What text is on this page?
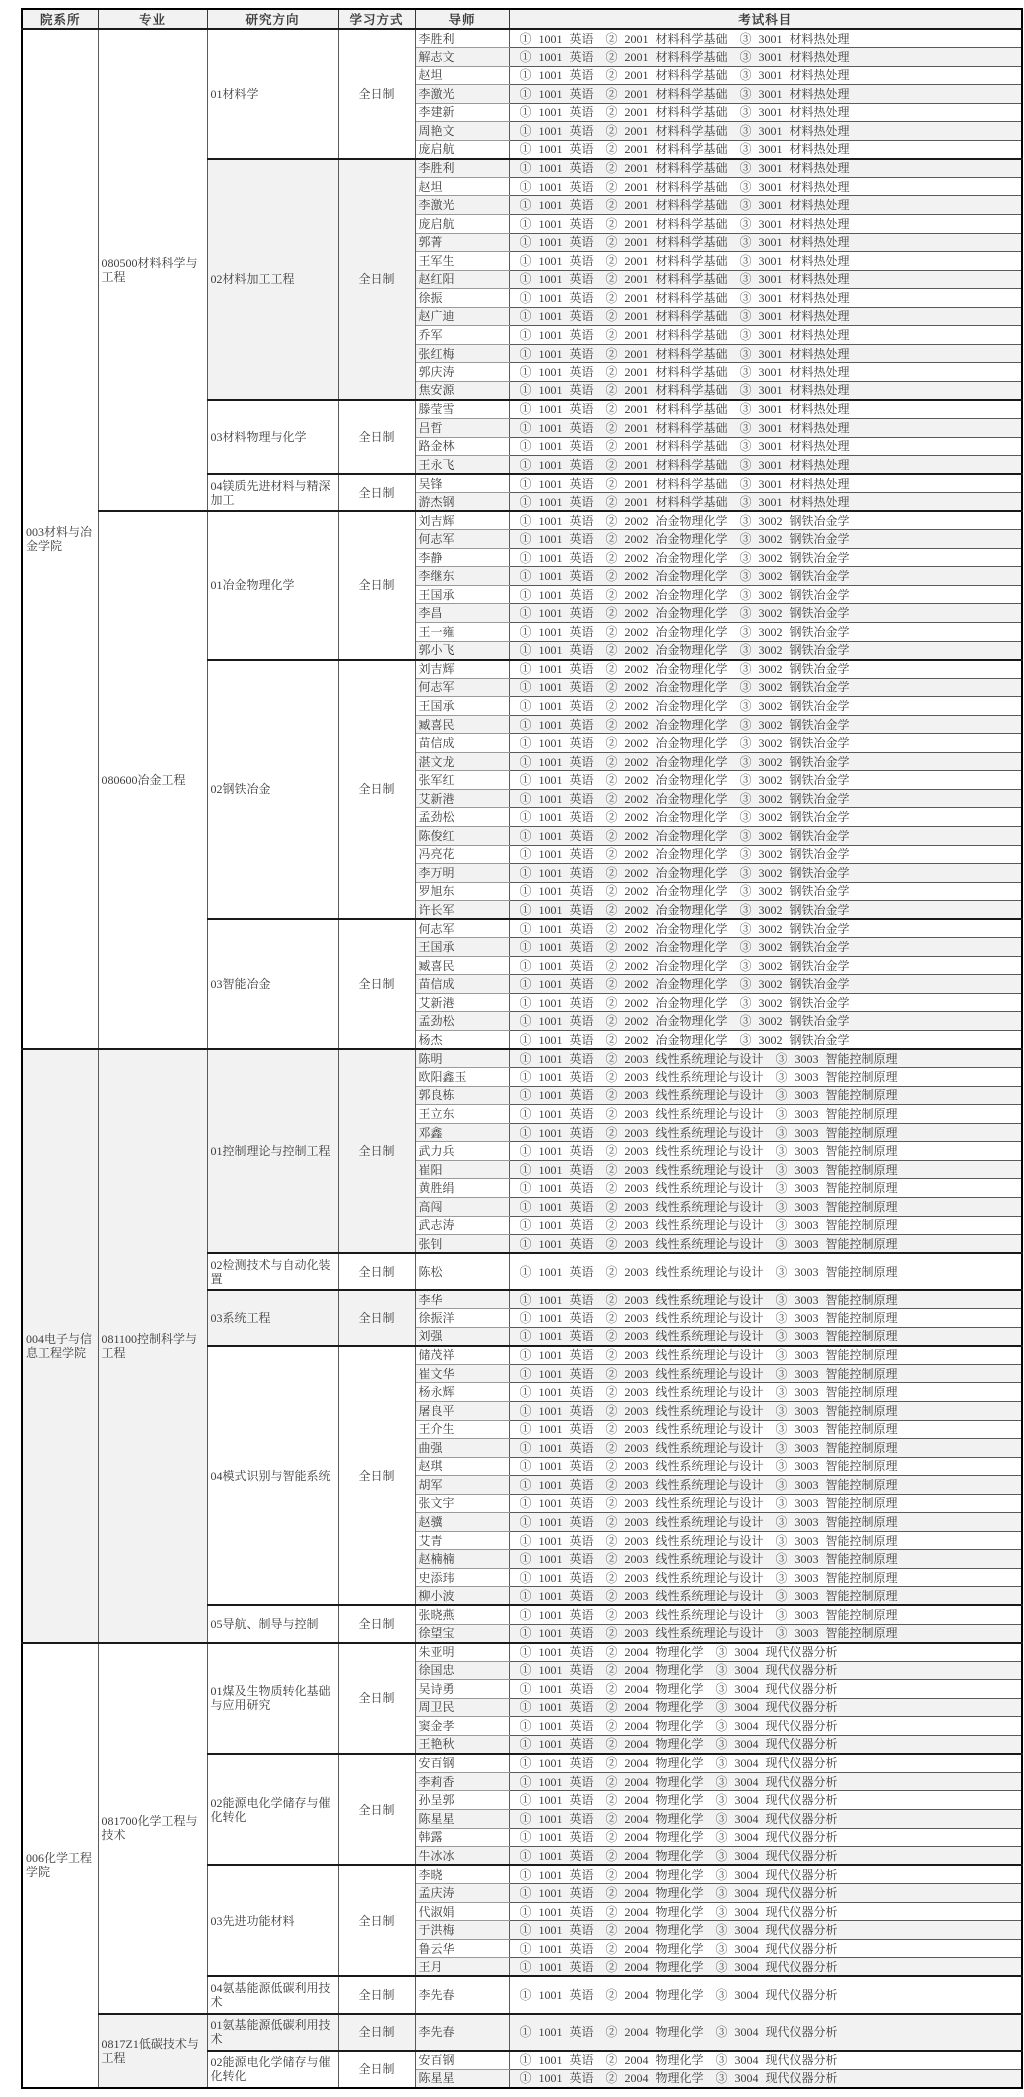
院系所	专业	研究方向	学习方式	导师	考试科目
003材料与冶金学院	080500材料科学与工程	01材料学	全日制	李胜利	① 1001 英语 ② 2001 材料科学基础 ③ 3001 材料热处理
				解志文	① 1001 英语 ② 2001 材料科学基础 ③ 3001 材料热处理
				赵坦	① 1001 英语 ② 2001 材料科学基础 ③ 3001 材料热处理
				李激光	① 1001 英语 ② 2001 材料科学基础 ③ 3001 材料热处理
				李建新	① 1001 英语 ② 2001 材料科学基础 ③ 3001 材料热处理
				周艳文	① 1001 英语 ② 2001 材料科学基础 ③ 3001 材料热处理
				庞启航	① 1001 英语 ② 2001 材料科学基础 ③ 3001 材料热处理
		02材料加工工程	全日制	李胜利	① 1001 英语 ② 2001 材料科学基础 ③ 3001 材料热处理
				赵坦	① 1001 英语 ② 2001 材料科学基础 ③ 3001 材料热处理
				李激光	① 1001 英语 ② 2001 材料科学基础 ③ 3001 材料热处理
				庞启航	① 1001 英语 ② 2001 材料科学基础 ③ 3001 材料热处理
				郭菁	① 1001 英语 ② 2001 材料科学基础 ③ 3001 材料热处理
				王军生	① 1001 英语 ② 2001 材料科学基础 ③ 3001 材料热处理
				赵红阳	① 1001 英语 ② 2001 材料科学基础 ③ 3001 材料热处理
				徐振	① 1001 英语 ② 2001 材料科学基础 ③ 3001 材料热处理
				赵广迪	① 1001 英语 ② 2001 材料科学基础 ③ 3001 材料热处理
				乔军	① 1001 英语 ② 2001 材料科学基础 ③ 3001 材料热处理
				张红梅	① 1001 英语 ② 2001 材料科学基础 ③ 3001 材料热处理
				郭庆涛	① 1001 英语 ② 2001 材料科学基础 ③ 3001 材料热处理
				焦安源	① 1001 英语 ② 2001 材料科学基础 ③ 3001 材料热处理
		03材料物理与化学	全日制	滕莹雪	① 1001 英语 ② 2001 材料科学基础 ③ 3001 材料热处理
				吕哲	① 1001 英语 ② 2001 材料科学基础 ③ 3001 材料热处理
				路金林	① 1001 英语 ② 2001 材料科学基础 ③ 3001 材料热处理
				王永飞	① 1001 英语 ② 2001 材料科学基础 ③ 3001 材料热处理
		04镁质先进材料与精深加工	全日制	吴锋	① 1001 英语 ② 2001 材料科学基础 ③ 3001 材料热处理
				游杰钢	① 1001 英语 ② 2001 材料科学基础 ③ 3001 材料热处理
	080600冶金工程	01冶金物理化学	全日制	刘吉辉	① 1001 英语 ② 2002 冶金物理化学 ③ 3002 钢铁冶金学
				何志军	① 1001 英语 ② 2002 冶金物理化学 ③ 3002 钢铁冶金学
				李静	① 1001 英语 ② 2002 冶金物理化学 ③ 3002 钢铁冶金学
				李继东	① 1001 英语 ② 2002 冶金物理化学 ③ 3002 钢铁冶金学
				王国承	① 1001 英语 ② 2002 冶金物理化学 ③ 3002 钢铁冶金学
				李昌	① 1001 英语 ② 2002 冶金物理化学 ③ 3002 钢铁冶金学
				王一雍	① 1001 英语 ② 2002 冶金物理化学 ③ 3002 钢铁冶金学
				郭小飞	① 1001 英语 ② 2002 冶金物理化学 ③ 3002 钢铁冶金学
		02钢铁冶金	全日制	刘吉辉	① 1001 英语 ② 2002 冶金物理化学 ③ 3002 钢铁冶金学
				何志军	① 1001 英语 ② 2002 冶金物理化学 ③ 3002 钢铁冶金学
				王国承	① 1001 英语 ② 2002 冶金物理化学 ③ 3002 钢铁冶金学
				臧喜民	① 1001 英语 ② 2002 冶金物理化学 ③ 3002 钢铁冶金学
				苗信成	① 1001 英语 ② 2002 冶金物理化学 ③ 3002 钢铁冶金学
				湛文龙	① 1001 英语 ② 2002 冶金物理化学 ③ 3002 钢铁冶金学
				张军红	① 1001 英语 ② 2002 冶金物理化学 ③ 3002 钢铁冶金学
				艾新港	① 1001 英语 ② 2002 冶金物理化学 ③ 3002 钢铁冶金学
				孟劲松	① 1001 英语 ② 2002 冶金物理化学 ③ 3002 钢铁冶金学
				陈俊红	① 1001 英语 ② 2002 冶金物理化学 ③ 3002 钢铁冶金学
				冯亮花	① 1001 英语 ② 2002 冶金物理化学 ③ 3002 钢铁冶金学
				李万明	① 1001 英语 ② 2002 冶金物理化学 ③ 3002 钢铁冶金学
				罗旭东	① 1001 英语 ② 2002 冶金物理化学 ③ 3002 钢铁冶金学
				许长军	① 1001 英语 ② 2002 冶金物理化学 ③ 3002 钢铁冶金学
		03智能冶金	全日制	何志军	① 1001 英语 ② 2002 冶金物理化学 ③ 3002 钢铁冶金学
				王国承	① 1001 英语 ② 2002 冶金物理化学 ③ 3002 钢铁冶金学
				臧喜民	① 1001 英语 ② 2002 冶金物理化学 ③ 3002 钢铁冶金学
				苗信成	① 1001 英语 ② 2002 冶金物理化学 ③ 3002 钢铁冶金学
				艾新港	① 1001 英语 ② 2002 冶金物理化学 ③ 3002 钢铁冶金学
				孟劲松	① 1001 英语 ② 2002 冶金物理化学 ③ 3002 钢铁冶金学
				杨杰	① 1001 英语 ② 2002 冶金物理化学 ③ 3002 钢铁冶金学
004电子与信息工程学院	081100控制科学与工程	01控制理论与控制工程	全日制	陈明	① 1001 英语 ② 2003 线性系统理论与设计 ③ 3003 智能控制原理
				欧阳鑫玉	① 1001 英语 ② 2003 线性系统理论与设计 ③ 3003 智能控制原理
				郭良栋	① 1001 英语 ② 2003 线性系统理论与设计 ③ 3003 智能控制原理
				王立东	① 1001 英语 ② 2003 线性系统理论与设计 ③ 3003 智能控制原理
				邓鑫	① 1001 英语 ② 2003 线性系统理论与设计 ③ 3003 智能控制原理
				武力兵	① 1001 英语 ② 2003 线性系统理论与设计 ③ 3003 智能控制原理
				崔阳	① 1001 英语 ② 2003 线性系统理论与设计 ③ 3003 智能控制原理
				黄胜绢	① 1001 英语 ② 2003 线性系统理论与设计 ③ 3003 智能控制原理
				高闯	① 1001 英语 ② 2003 线性系统理论与设计 ③ 3003 智能控制原理
				武志涛	① 1001 英语 ② 2003 线性系统理论与设计 ③ 3003 智能控制原理
				张钊	① 1001 英语 ② 2003 线性系统理论与设计 ③ 3003 智能控制原理
		02检测技术与自动化装置	全日制	陈松	① 1001 英语 ② 2003 线性系统理论与设计 ③ 3003 智能控制原理
		03系统工程	全日制	李华	① 1001 英语 ② 2003 线性系统理论与设计 ③ 3003 智能控制原理
				徐振洋	① 1001 英语 ② 2003 线性系统理论与设计 ③ 3003 智能控制原理
				刘强	① 1001 英语 ② 2003 线性系统理论与设计 ③ 3003 智能控制原理
		04模式识别与智能系统	全日制	储茂祥	① 1001 英语 ② 2003 线性系统理论与设计 ③ 3003 智能控制原理
				崔文华	① 1001 英语 ② 2003 线性系统理论与设计 ③ 3003 智能控制原理
				杨永辉	① 1001 英语 ② 2003 线性系统理论与设计 ③ 3003 智能控制原理
				屠良平	① 1001 英语 ② 2003 线性系统理论与设计 ③ 3003 智能控制原理
				王介生	① 1001 英语 ② 2003 线性系统理论与设计 ③ 3003 智能控制原理
				曲强	① 1001 英语 ② 2003 线性系统理论与设计 ③ 3003 智能控制原理
				赵琪	① 1001 英语 ② 2003 线性系统理论与设计 ③ 3003 智能控制原理
				胡军	① 1001 英语 ② 2003 线性系统理论与设计 ③ 3003 智能控制原理
				张文宇	① 1001 英语 ② 2003 线性系统理论与设计 ③ 3003 智能控制原理
				赵骥	① 1001 英语 ② 2003 线性系统理论与设计 ③ 3003 智能控制原理
				艾青	① 1001 英语 ② 2003 线性系统理论与设计 ③ 3003 智能控制原理
				赵楠楠	① 1001 英语 ② 2003 线性系统理论与设计 ③ 3003 智能控制原理
				史添玮	① 1001 英语 ② 2003 线性系统理论与设计 ③ 3003 智能控制原理
				柳小波	① 1001 英语 ② 2003 线性系统理论与设计 ③ 3003 智能控制原理
		05导航、制导与控制	全日制	张晓燕	① 1001 英语 ② 2003 线性系统理论与设计 ③ 3003 智能控制原理
				徐望宝	① 1001 英语 ② 2003 线性系统理论与设计 ③ 3003 智能控制原理
006化学工程学院	081700化学工程与技术	01煤及生物质转化基础与应用研究	全日制	朱亚明	① 1001 英语 ② 2004 物理化学 ③ 3004 现代仪器分析
				徐国忠	① 1001 英语 ② 2004 物理化学 ③ 3004 现代仪器分析
				吴诗勇	① 1001 英语 ② 2004 物理化学 ③ 3004 现代仪器分析
				周卫民	① 1001 英语 ② 2004 物理化学 ③ 3004 现代仪器分析
				窦金孝	① 1001 英语 ② 2004 物理化学 ③ 3004 现代仪器分析
				王艳秋	① 1001 英语 ② 2004 物理化学 ③ 3004 现代仪器分析
		02能源电化学储存与催化转化	全日制	安百钢	① 1001 英语 ② 2004 物理化学 ③ 3004 现代仪器分析
				李莉香	① 1001 英语 ② 2004 物理化学 ③ 3004 现代仪器分析
				孙呈郭	① 1001 英语 ② 2004 物理化学 ③ 3004 现代仪器分析
				陈星星	① 1001 英语 ② 2004 物理化学 ③ 3004 现代仪器分析
				韩露	① 1001 英语 ② 2004 物理化学 ③ 3004 现代仪器分析
				牛冰冰	① 1001 英语 ② 2004 物理化学 ③ 3004 现代仪器分析
		03先进功能材料	全日制	李晓	① 1001 英语 ② 2004 物理化学 ③ 3004 现代仪器分析
				孟庆涛	① 1001 英语 ② 2004 物理化学 ③ 3004 现代仪器分析
				代淑娟	① 1001 英语 ② 2004 物理化学 ③ 3004 现代仪器分析
				于洪梅	① 1001 英语 ② 2004 物理化学 ③ 3004 现代仪器分析
				鲁云华	① 1001 英语 ② 2004 物理化学 ③ 3004 现代仪器分析
				王月	① 1001 英语 ② 2004 物理化学 ③ 3004 现代仪器分析
		04氨基能源低碳利用技术	全日制	李先春	① 1001 英语 ② 2004 物理化学 ③ 3004 现代仪器分析
	0817Z1低碳技术与工程	01氨基能源低碳利用技术	全日制	李先春	① 1001 英语 ② 2004 物理化学 ③ 3004 现代仪器分析
		02能源电化学储存与催化转化	全日制	安百钢	① 1001 英语 ② 2004 物理化学 ③ 3004 现代仪器分析
				陈星星	① 1001 英语 ② 2004 物理化学 ③ 3004 现代仪器分析
